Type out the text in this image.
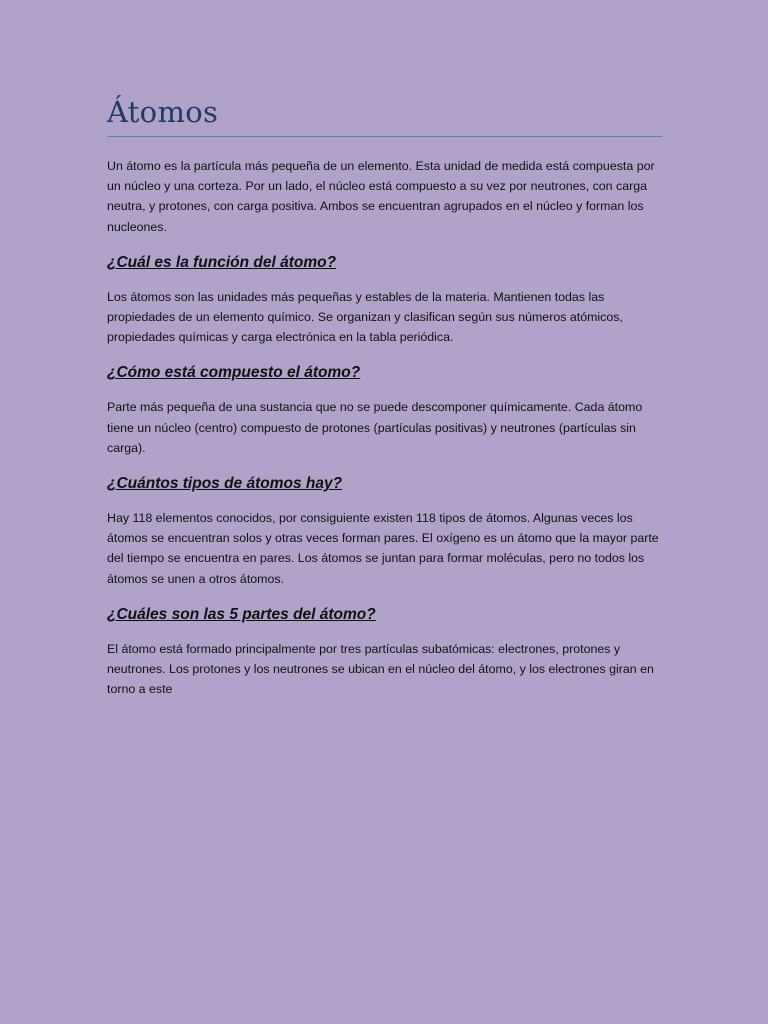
Átomos

Un átomo es la partícula más pequeña de un elemento. Esta unidad de medida está compuesta por un núcleo y una corteza. Por un lado, el núcleo está compuesto a su vez por neutrones, con carga neutra, y protones, con carga positiva. Ambos se encuentran agrupados en el núcleo y forman los nucleones.

¿Cuál es la función del átomo?

Los átomos son las unidades más pequeñas y estables de la materia. Mantienen todas las propiedades de un elemento químico. Se organizan y clasifican según sus números atómicos, propiedades químicas y carga electrónica en la tabla periódica.

¿Cómo está compuesto el átomo?

Parte más pequeña de una sustancia que no se puede descomponer químicamente. Cada átomo tiene un núcleo (centro) compuesto de protones (partículas positivas) y neutrones (partículas sin carga).

¿Cuántos tipos de átomos hay?

Hay 118 elementos conocidos, por consiguiente existen 118 tipos de átomos. Algunas veces los átomos se encuentran solos y otras veces forman pares. El oxígeno es un átomo que la mayor parte del tiempo se encuentra en pares. Los átomos se juntan para formar moléculas, pero no todos los átomos se unen a otros átomos.

¿Cuáles son las 5 partes del átomo?

El átomo está formado principalmente por tres partículas subatómicas: electrones, protones y neutrones. Los protones y los neutrones se ubican en el núcleo del átomo, y los electrones giran en torno a este
